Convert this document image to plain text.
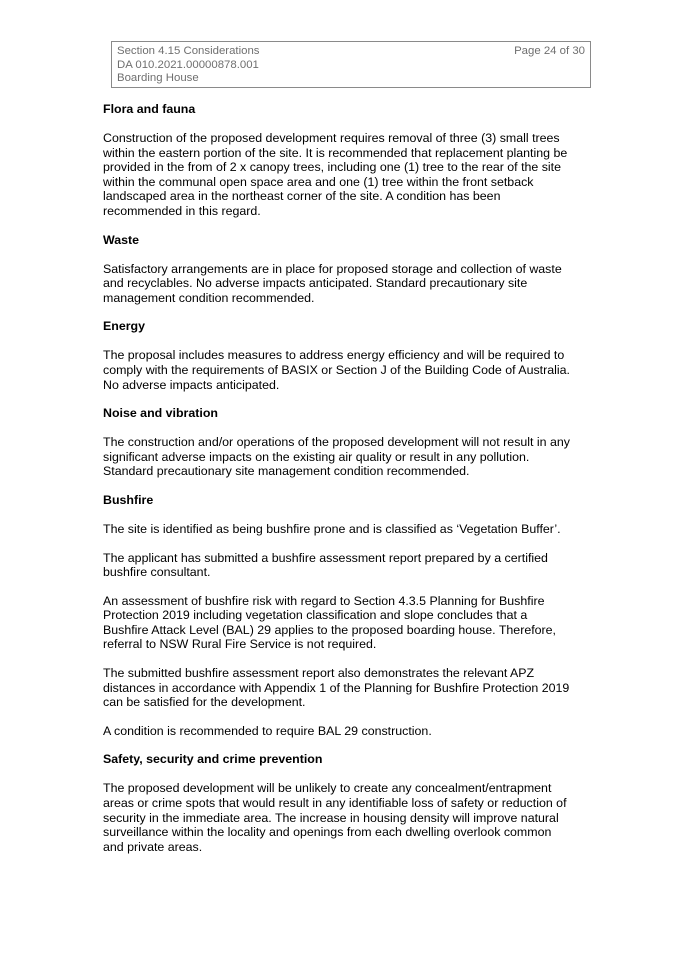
Section 4.15 Considerations
DA 010.2021.00000878.001
Boarding House
Page 24 of 30
Flora and fauna
Construction of the proposed development requires removal of three (3) small trees
within the eastern portion of the site. It is recommended that replacement planting be
provided in the from of 2 x canopy trees, including one (1) tree to the rear of the site
within the communal open space area and one (1) tree within the front setback
landscaped area in the northeast corner of the site. A condition has been
recommended in this regard.
Waste
Satisfactory arrangements are in place for proposed storage and collection of waste
and recyclables. No adverse impacts anticipated. Standard precautionary site
management condition recommended.
Energy
The proposal includes measures to address energy efficiency and will be required to
comply with the requirements of BASIX or Section J of the Building Code of Australia.
No adverse impacts anticipated.
Noise and vibration
The construction and/or operations of the proposed development will not result in any
significant adverse impacts on the existing air quality or result in any pollution.
Standard precautionary site management condition recommended.
Bushfire
The site is identified as being bushfire prone and is classified as ‘Vegetation Buffer’.
The applicant has submitted a bushfire assessment report prepared by a certified
bushfire consultant.
An assessment of bushfire risk with regard to Section 4.3.5 Planning for Bushfire
Protection 2019 including vegetation classification and slope concludes that a
Bushfire Attack Level (BAL) 29 applies to the proposed boarding house. Therefore,
referral to NSW Rural Fire Service is not required.
The submitted bushfire assessment report also demonstrates the relevant APZ
distances in accordance with Appendix 1 of the Planning for Bushfire Protection 2019
can be satisfied for the development.
A condition is recommended to require BAL 29 construction.
Safety, security and crime prevention
The proposed development will be unlikely to create any concealment/entrapment
areas or crime spots that would result in any identifiable loss of safety or reduction of
security in the immediate area. The increase in housing density will improve natural
surveillance within the locality and openings from each dwelling overlook common
and private areas.
